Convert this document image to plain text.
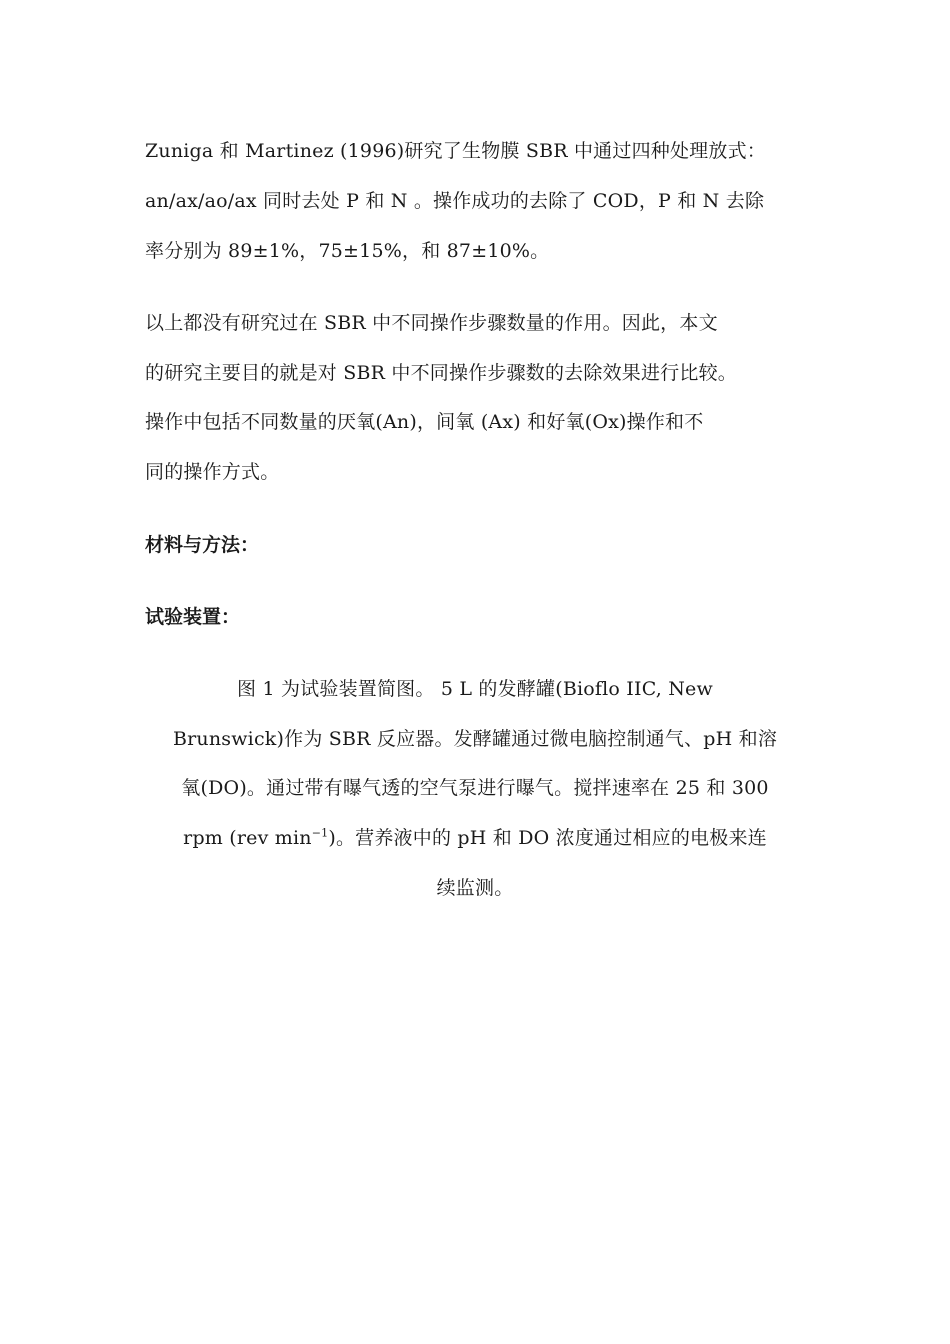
Zuniga 和 Martinez (1996)研究了生物膜 SBR 中通过四种处理放式：
an/ax/ao/ax 同时去处 P 和 N 。操作成功的去除了 COD，P 和 N 去除
率分别为 89±1%，75±15%，和 87±10%。
以上都没有研究过在 SBR 中不同操作步骤数量的作用。因此，本文
的研究主要目的就是对 SBR 中不同操作步骤数的去除效果进行比较。
操作中包括不同数量的厌氧(An)，间氧 (Ax) 和好氧(Ox)操作和不
同的操作方式。
材料与方法：
试验装置：
图 1 为试验装置简图。 5 L 的发酵罐(Bioflo IIC, New
Brunswick)作为 SBR 反应器。发酵罐通过微电脑控制通气、pH 和溶
氧(DO)。通过带有曝气透的空气泵进行曝气。搅拌速率在 25 和 300
rpm (rev $\min^{-1}$)。营养液中的 pH 和 DO 浓度通过相应的电极来连
续监测。
